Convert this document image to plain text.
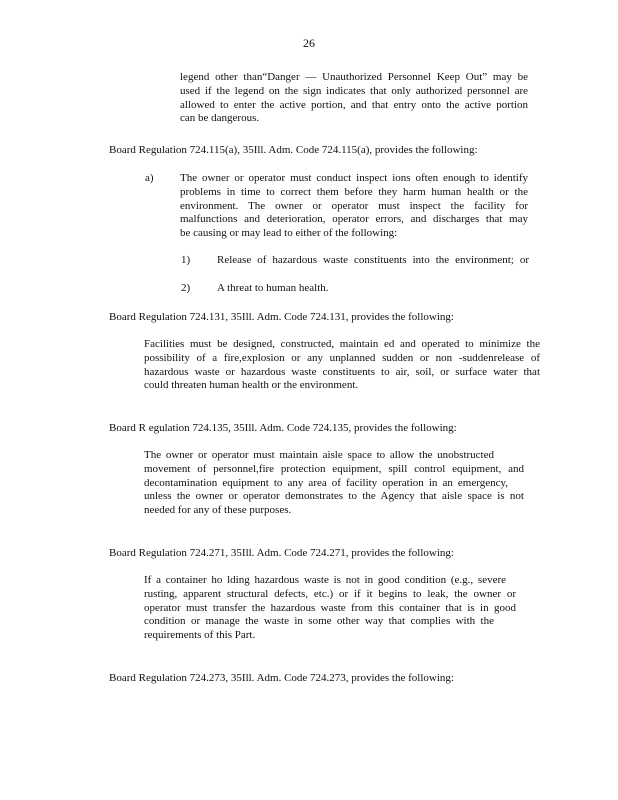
26
legend other than“Danger — Unauthorized Personnel Keep Out” may be
used if the legend on the sign indicates that only authorized personnel are
allowed to enter the active portion, and that entry onto the active portion
can be dangerous.
Board Regulation 724.115(a), 35Ill. Adm. Code 724.115(a), provides the following:
a) The owner or operator must conduct inspect ions often enough to identify
problems in time to correct them before they harm human health or the
environment. The owner or operator must inspect the facility for
malfunctions and deterioration, operator errors, and discharges that may
be causing or may lead to either of the following:
1) Release of hazardous waste constituents into the environment; or
2) A threat to human health.
Board Regulation 724.131, 35Ill. Adm. Code 724.131, provides the following:
Facilities must be designed, constructed, maintain ed and operated to minimize the
possibility of a fire,explosion or any unplanned sudden or non -suddenrelease of
hazardous waste or hazardous waste constituents to air, soil, or surface water that
could threaten human health or the environment.
Board R egulation 724.135, 35Ill. Adm. Code 724.135, provides the following:
The owner or operator must maintain aisle space to allow the unobstructed
movement of personnel,fire protection equipment, spill control equipment, and
decontamination equipment to any area of facility operation in an emergency,
unless the owner or operator demonstrates to the Agency that aisle space is not
needed for any of these purposes.
Board Regulation 724.271, 35Ill. Adm. Code 724.271, provides the following:
If a container ho lding hazardous waste is not in good condition (e.g., severe
rusting, apparent structural defects, etc.) or if it begins to leak, the owner or
operator must transfer the hazardous waste from this container that is in good
condition or manage the waste in some other way that complies with the
requirements of this Part.
Board Regulation 724.273, 35Ill. Adm. Code 724.273, provides the following:
